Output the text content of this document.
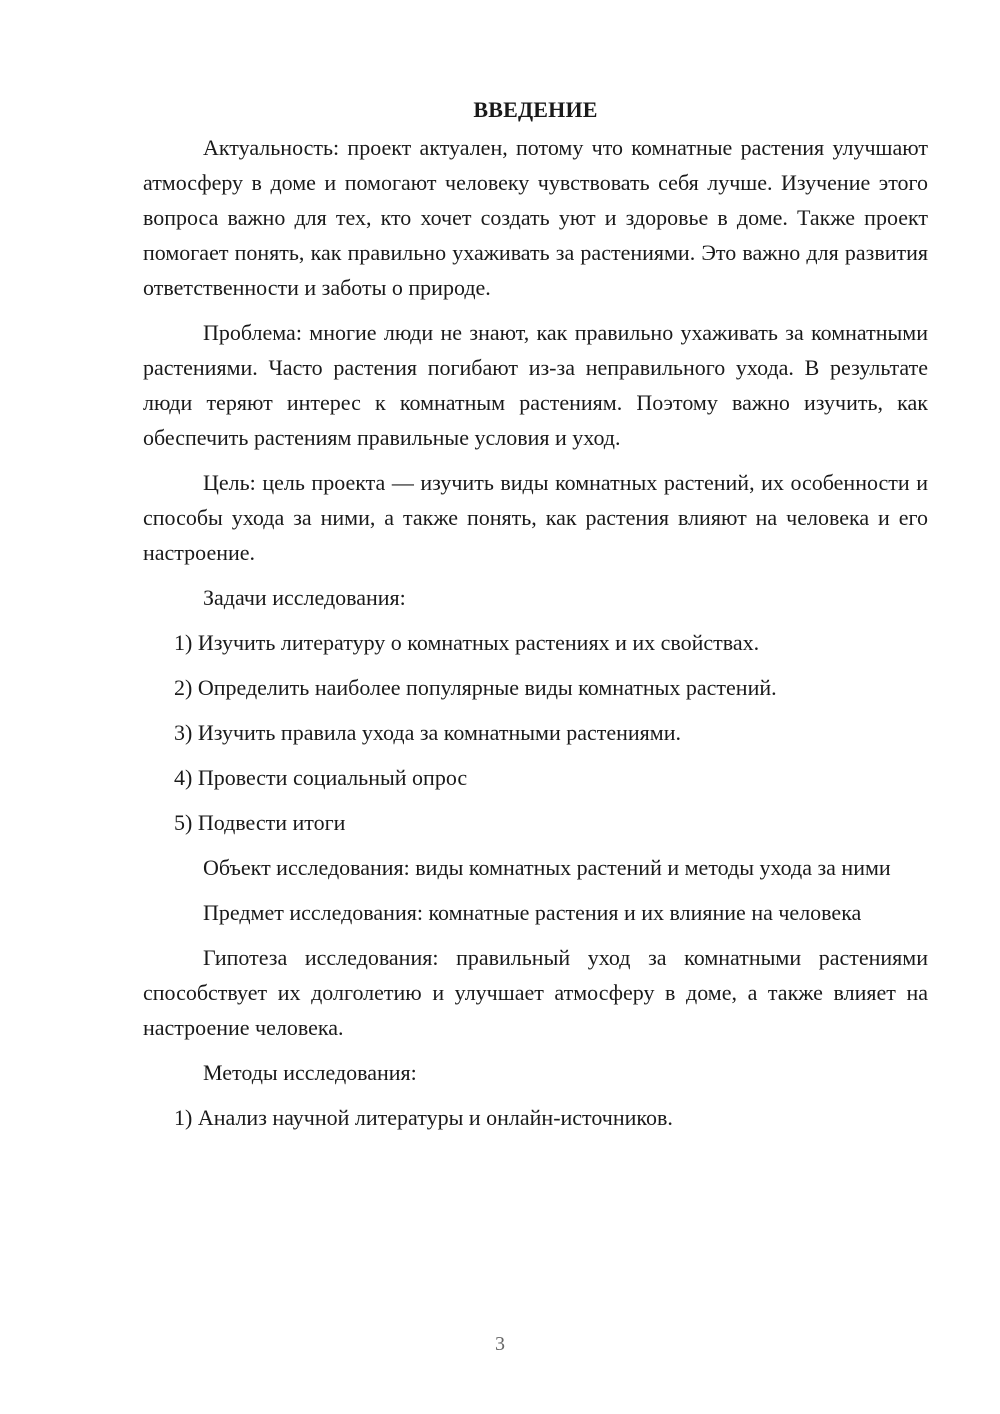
ВВЕДЕНИЕ

Актуальность: проект актуален, потому что комнатные растения улучшают атмосферу в доме и помогают человеку чувствовать себя лучше. Изучение этого вопроса важно для тех, кто хочет создать уют и здоровье в доме. Также проект помогает понять, как правильно ухаживать за растениями. Это важно для развития ответственности и заботы о природе.

Проблема: многие люди не знают, как правильно ухаживать за комнатными растениями. Часто растения погибают из-за неправильного ухода. В результате люди теряют интерес к комнатным растениям. Поэтому важно изучить, как обеспечить растениям правильные условия и уход.

Цель: цель проекта — изучить виды комнатных растений, их особенности и способы ухода за ними, а также понять, как растения влияют на человека и его настроение.

Задачи исследования:
1) Изучить литературу о комнатных растениях и их свойствах.
2) Определить наиболее популярные виды комнатных растений.
3) Изучить правила ухода за комнатными растениями.
4) Провести социальный опрос
5) Подвести итоги

Объект исследования: виды комнатных растений и методы ухода за ними

Предмет исследования: комнатные растения и их влияние на человека

Гипотеза исследования: правильный уход за комнатными растениями способствует их долголетию и улучшает атмосферу в доме, а также влияет на настроение человека.

Методы исследования:
1) Анализ научной литературы и онлайн-источников.
3
